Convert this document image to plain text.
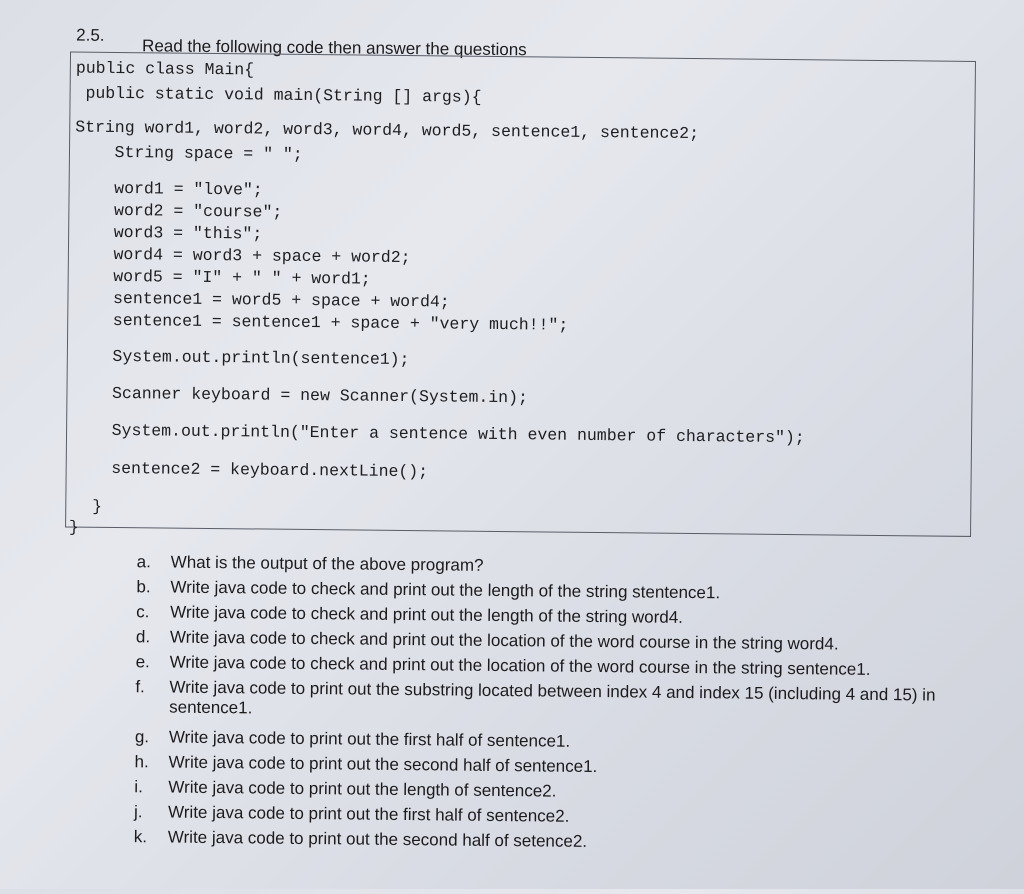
2.5.
Read the following code then answer the questions
public class Main{
public static void main(String [] args){
String word1, word2, word3, word4, word5, sentence1, sentence2;
String space = " ";
word1 = "love";
word2 = "course";
word3 = "this";
word4 = word3 + space + word2;
word5 = "I" + " " + word1;
sentence1 = word5 + space + word4;
sentence1 = sentence1 + space + "very much!!";
System.out.println(sentence1);
Scanner keyboard = new Scanner(System.in);
System.out.println("Enter a sentence with even number of characters");
sentence2 = keyboard.nextLine();
}
}
a.	What is the output of the above program?
b.	Write java code to check and print out the length of the string stentence1.
c.	Write java code to check and print out the length of the string word4.
d.	Write java code to check and print out the location of the word course in the string word4.
e.	Write java code to check and print out the location of the word course in the string sentence1.
f.	Write java code to print out the substring located between index 4 and index 15 (including 4 and 15) in sentence1.
g.	Write java code to print out the first half of sentence1.
h.	Write java code to print out the second half of sentence1.
i.	Write java code to print out the length of sentence2.
j.	Write java code to print out the first half of sentence2.
k.	Write java code to print out the second half of setence2.
